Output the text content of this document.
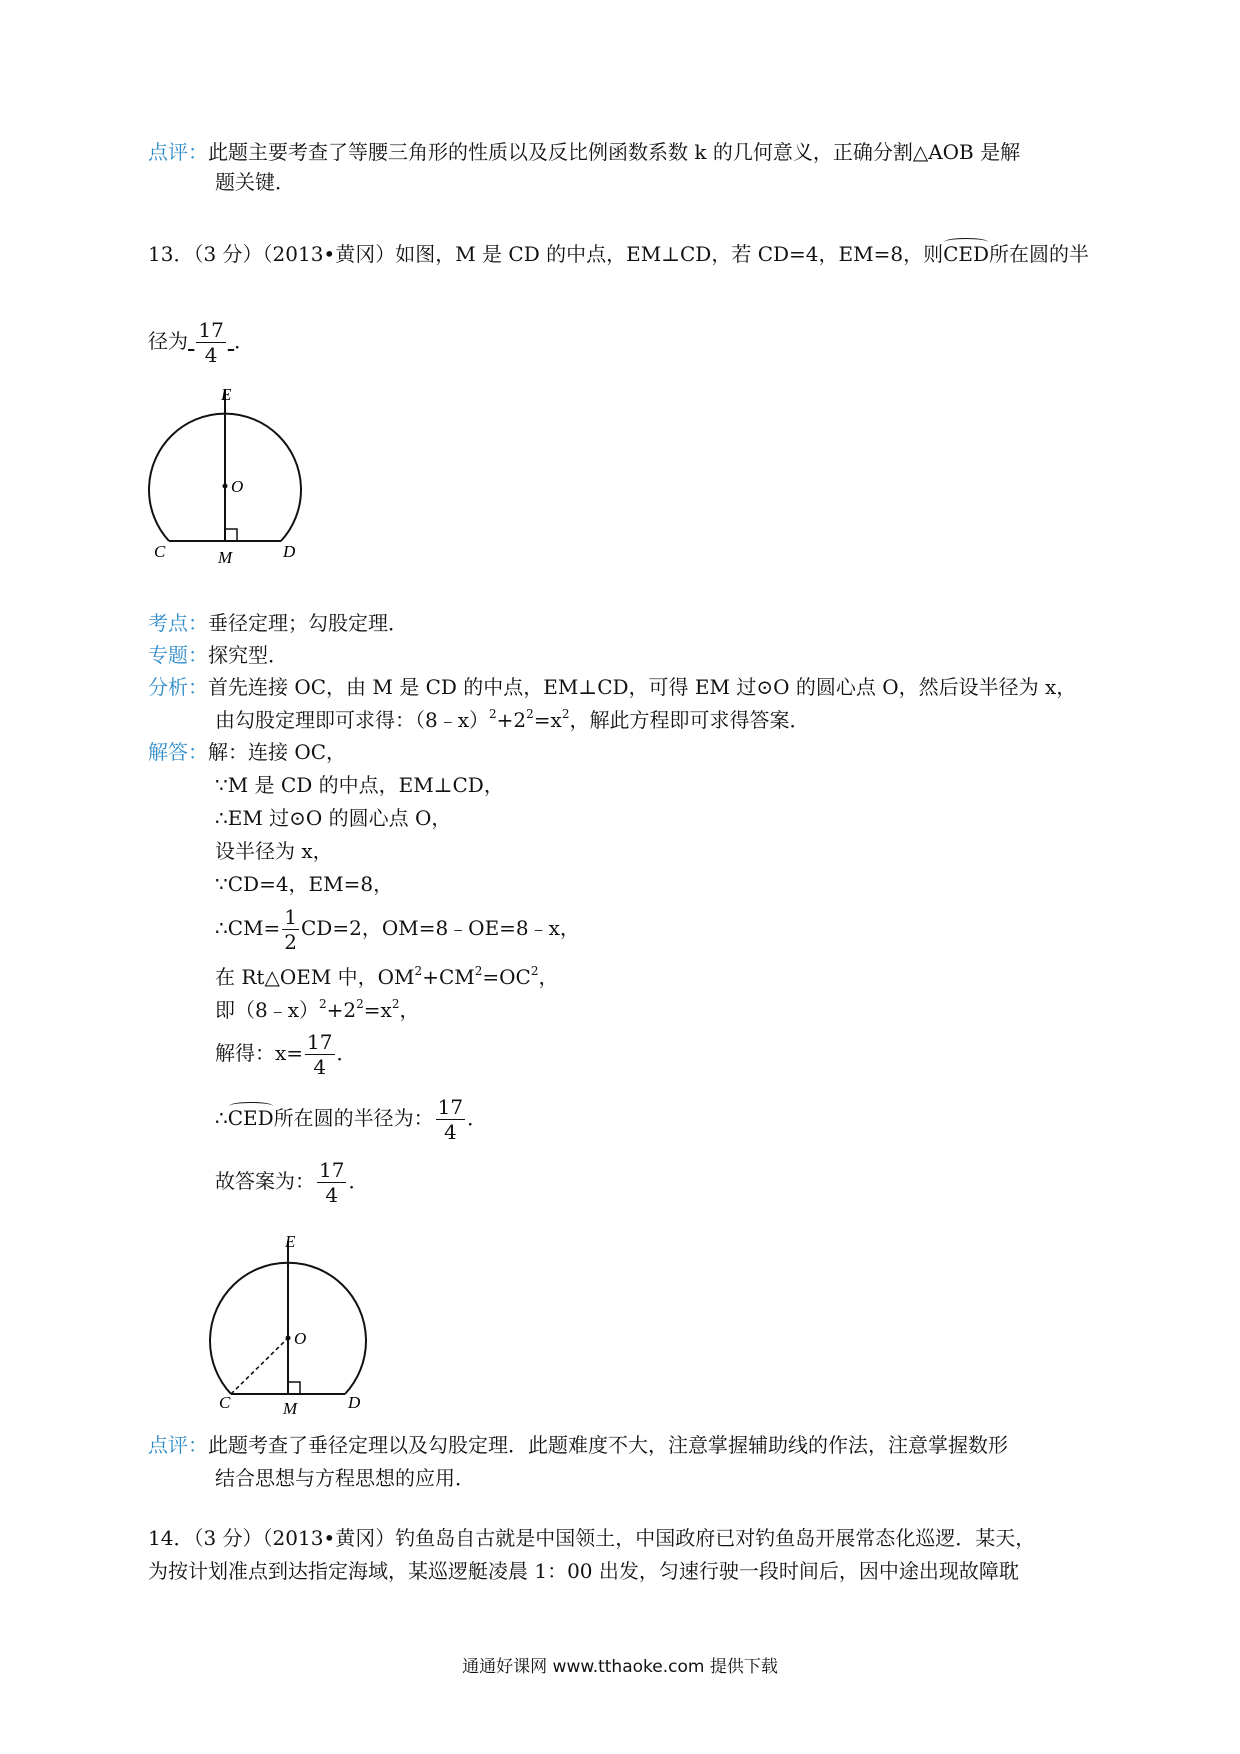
点评：此题主要考查了等腰三角形的性质以及反比例函数系数 k 的几何意义，正确分割△AOB 是解
题关键．
13．（3 分）（2013•黄冈）如图，M 是 CD 的中点，EM⊥CD，若 CD=4，EM=8，则CED所在圆的半
径为 $\frac{17}{4}$ ．
E
O
C	M	D
考点：垂径定理；勾股定理．
专题：探究型．
分析：首先连接 OC，由 M 是 CD 的中点，EM⊥CD，可得 EM 过⊙O 的圆心点 O，然后设半径为 x，
由勾股定理即可求得：$(8﹣x)^2+2^2=x^2$，解此方程即可求得答案．
解答：解：连接 OC，
∵M 是 CD 的中点，EM⊥CD，
∴EM 过⊙O 的圆心点 O，
设半径为 x，
∵CD=4，EM=8，
∴CM= $\frac{1}{2} CD=2$，OM=8﹣OE=8﹣x，
在 Rt△OEM 中，$OM^2+CM^2=OC^2$，
即$(8﹣x)^2+2^2=x^2$，
解得：$x= \frac{17}{4}$ ．
∴CED所在圆的半径为： $\frac{17}{4}$ ．
故答案为： $\frac{17}{4}$ ．
E
O
C	M	D
点评：此题考查了垂径定理以及勾股定理．此题难度不大，注意掌握辅助线的作法，注意掌握数形
结合思想与方程思想的应用．
14．（3 分）（2013•黄冈）钓鱼岛自古就是中国领土，中国政府已对钓鱼岛开展常态化巡逻．某天，
为按计划准点到达指定海域，某巡逻艇凌晨 1：00 出发，匀速行驶一段时间后，因中途出现故障耽
通通好课网 www.tthaoke.com 提供下载
